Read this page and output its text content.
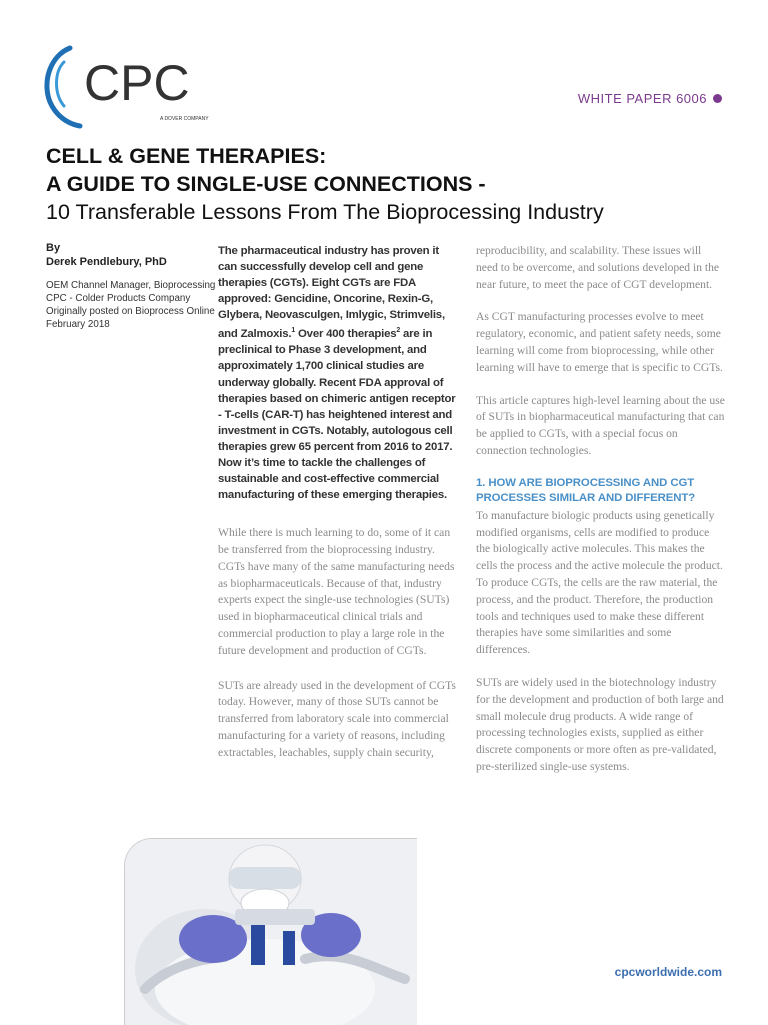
CPC
A DOVER COMPANY
WHITE PAPER 6006
CELL & GENE THERAPIES:
A GUIDE TO SINGLE-USE CONNECTIONS -
10 Transferable Lessons From The Bioprocessing Industry
By
Derek Pendlebury, PhD
OEM Channel Manager, Bioprocessing
CPC - Colder Products Company
Originally posted on Bioprocess Online
February 2018

The pharmaceutical industry has proven it can successfully develop cell and gene therapies (CGTs). Eight CGTs are FDA approved: Gencidine, Oncorine, Rexin-G, Glybera, Neovasculgen, Imlygic, Strimvelis, and Zalmoxis.$^1$ Over 400 therapies$^2$ are in preclinical to Phase 3 development, and approximately 1,700 clinical studies are underway globally. Recent FDA approval of therapies based on chimeric antigen receptor - T-cells (CAR-T) has heightened interest and investment in CGTs. Notably, autologous cell therapies grew 65 percent from 2016 to 2017. Now it’s time to tackle the challenges of sustainable and cost-effective commercial manufacturing of these emerging therapies.

While there is much learning to do, some of it can be transferred from the bioprocessing industry. CGTs have many of the same manufacturing needs as biopharmaceuticals. Because of that, industry experts expect the single-use technologies (SUTs) used in biopharmaceutical clinical trials and commercial production to play a large role in the future development and production of CGTs.

SUTs are already used in the development of CGTs today. However, many of those SUTs cannot be transferred from laboratory scale into commercial manufacturing for a variety of reasons, including extractables, leachables, supply chain security,

reproducibility, and scalability. These issues will need to be overcome, and solutions developed in the near future, to meet the pace of CGT development.

As CGT manufacturing processes evolve to meet regulatory, economic, and patient safety needs, some learning will come from bioprocessing, while other learning will have to emerge that is specific to CGTs.

This article captures high-level learning about the use of SUTs in biopharmaceutical manufacturing that can be applied to CGTs, with a special focus on connection technologies.

1. HOW ARE BIOPROCESSING AND CGT PROCESSES SIMILAR AND DIFFERENT?

To manufacture biologic products using genetically modified organisms, cells are modified to produce the biologically active molecules. This makes the cells the process and the active molecule the product. To produce CGTs, the cells are the raw material, the process, and the product. Therefore, the production tools and techniques used to make these different therapies have some similarities and some differences.

SUTs are widely used in the biotechnology industry for the development and production of both large and small molecule drug products. A wide range of processing technologies exists, supplied as either discrete components or more often as pre-validated, pre-sterilized single-use systems.

cpcworldwide.com
